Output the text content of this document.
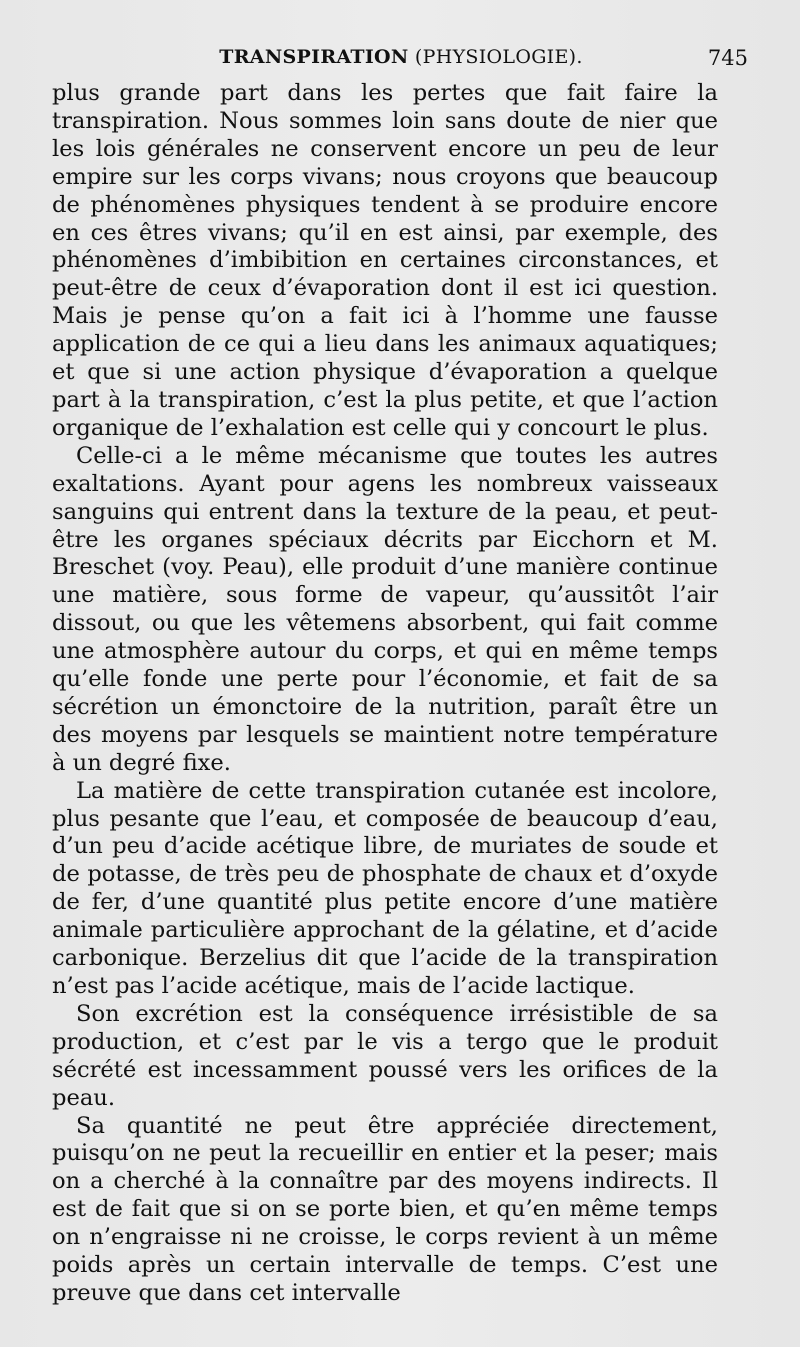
TRANSPIRATION (PHYSIOLOGIE).	745

plus grande part dans les pertes que fait faire la transpiration. Nous sommes loin sans doute de nier que les lois générales ne conservent encore un peu de leur empire sur les corps vivans; nous croyons que beaucoup de phénomènes physiques tendent à se produire encore en ces êtres vivans; qu’il en est ainsi, par exemple, des phénomènes d’imbibition en certaines circonstances, et peut-être de ceux d’évaporation dont il est ici question. Mais je pense qu’on a fait ici à l’homme une fausse application de ce qui a lieu dans les animaux aquatiques; et que si une action physique d’évaporation a quelque part à la transpiration, c’est la plus petite, et que l’action organique de l’exhalation est celle qui y concourt le plus.

Celle-ci a le même mécanisme que toutes les autres exaltations. Ayant pour agens les nombreux vaisseaux sanguins qui entrent dans la texture de la peau, et peut-être les organes spéciaux décrits par Eicchorn et M. Breschet (voy. Peau), elle produit d’une manière continue une matière, sous forme de vapeur, qu’aussitôt l’air dissout, ou que les vêtemens absorbent, qui fait comme une atmosphère autour du corps, et qui en même temps qu’elle fonde une perte pour l’économie, et fait de sa sécrétion un émonctoire de la nutrition, paraît être un des moyens par lesquels se maintient notre température à un degré fixe.

La matière de cette transpiration cutanée est incolore, plus pesante que l’eau, et composée de beaucoup d’eau, d’un peu d’acide acétique libre, de muriates de soude et de potasse, de très peu de phosphate de chaux et d’oxyde de fer, d’une quantité plus petite encore d’une matière animale particulière approchant de la gélatine, et d’acide carbonique. Berzelius dit que l’acide de la transpiration n’est pas l’acide acétique, mais de l’acide lactique.

Son excrétion est la conséquence irrésistible de sa production, et c’est par le vis a tergo que le produit sécrété est incessamment poussé vers les orifices de la peau.

Sa quantité ne peut être appréciée directement, puisqu’on ne peut la recueillir en entier et la peser; mais on a cherché à la connaître par des moyens indirects. Il est de fait que si on se porte bien, et qu’en même temps on n’engraisse ni ne croisse, le corps revient à un même poids après un certain intervalle de temps. C’est une preuve que dans cet intervalle
